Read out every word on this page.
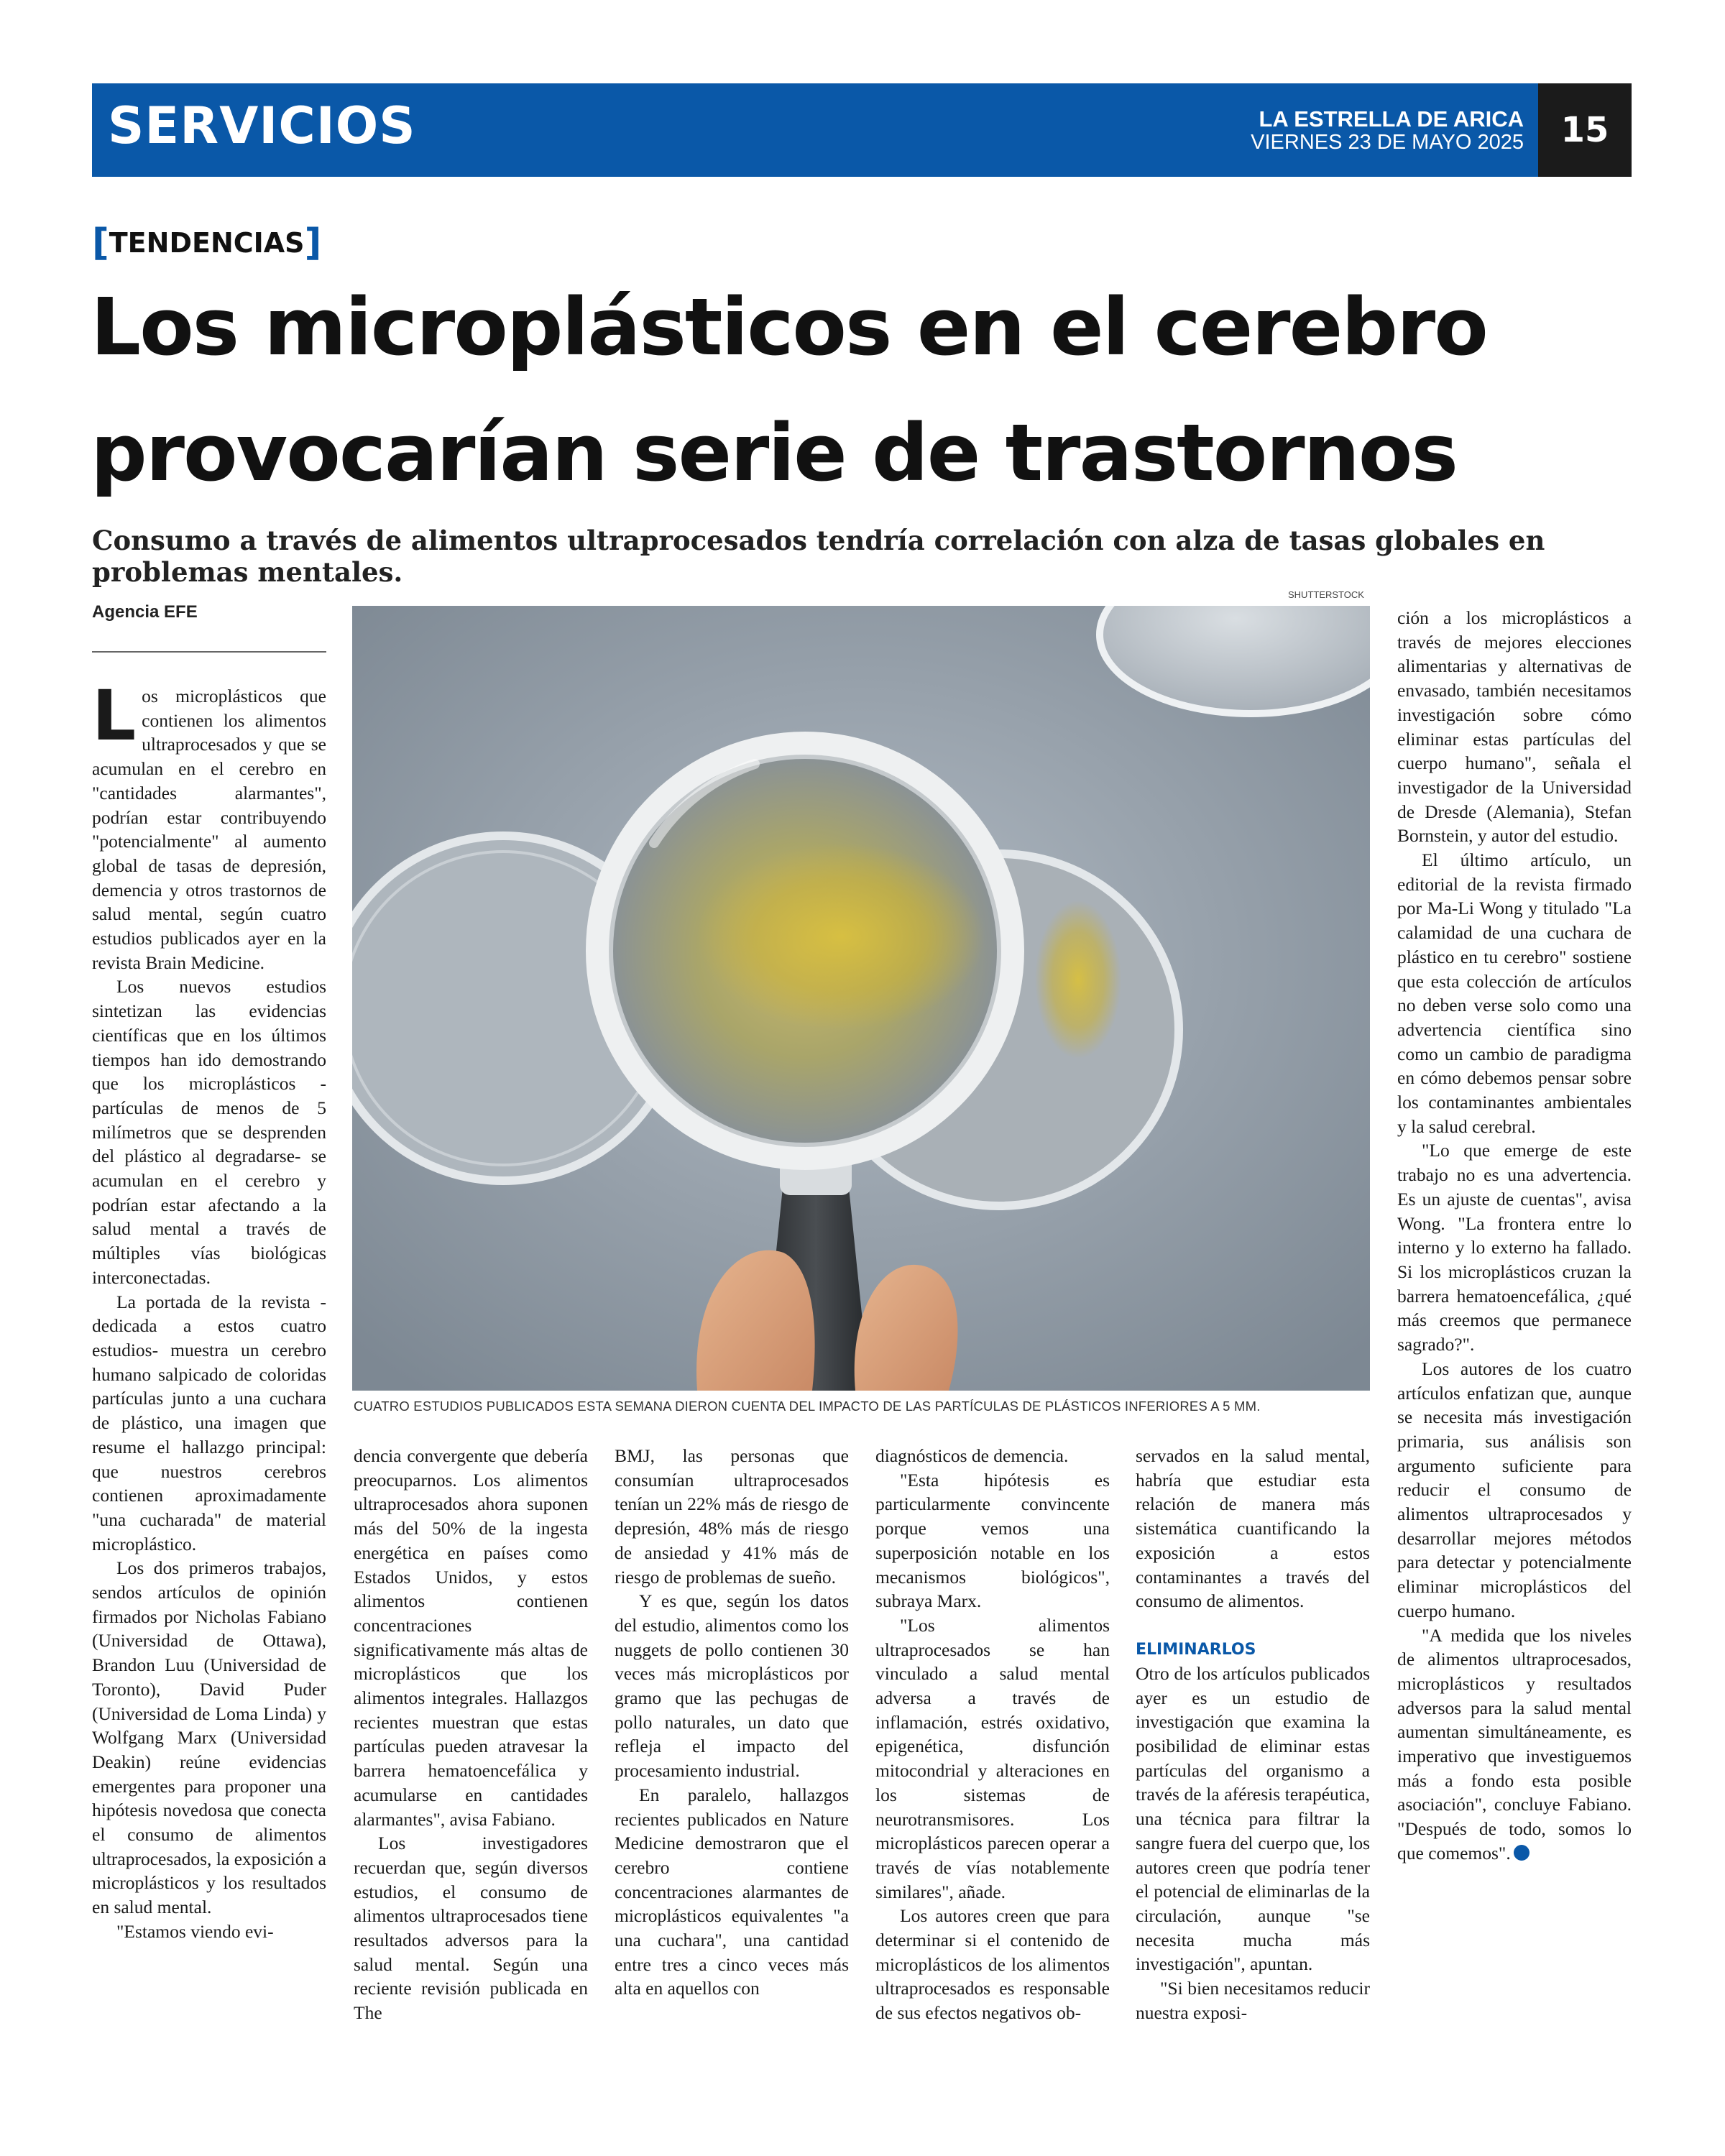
SERVICIOS	LA ESTRELLA DE ARICA
VIERNES 23 DE MAYO 2025	15
[TENDENCIAS]
Los microplásticos en el cerebro
provocarían serie de trastornos
Consumo a través de alimentos ultraprocesados tendría correlación con alza de tasas globales en problemas mentales.
Agencia EFE
SHUTTERSTOCK
CUATRO ESTUDIOS PUBLICADOS ESTA SEMANA DIERON CUENTA DEL IMPACTO DE LAS PARTÍCULAS DE PLÁSTICOS INFERIORES A 5 MM.

Los microplásticos que contienen los alimentos ultraprocesados y que se acumulan en el cerebro en "cantidades alarmantes", podrían estar contribuyendo "potencialmente" al aumento global de tasas de depresión, demencia y otros trastornos de salud mental, según cuatro estudios publicados ayer en la revista Brain Medicine.

Los nuevos estudios sintetizan las evidencias científicas que en los últimos tiempos han ido demostrando que los microplásticos -partículas de menos de 5 milímetros que se desprenden del plástico al degradarse- se acumulan en el cerebro y podrían estar afectando a la salud mental a través de múltiples vías biológicas interconectadas.

La portada de la revista -dedicada a estos cuatro estudios- muestra un cerebro humano salpicado de coloridas partículas junto a una cuchara de plástico, una imagen que resume el hallazgo principal: que nuestros cerebros contienen aproximadamente "una cucharada" de material microplástico.

Los dos primeros trabajos, sendos artículos de opinión firmados por Nicholas Fabiano (Universidad de Ottawa), Brandon Luu (Universidad de Toronto), David Puder (Universidad de Loma Linda) y Wolfgang Marx (Universidad Deakin) reúne evidencias emergentes para proponer una hipótesis novedosa que conecta el consumo de alimentos ultraprocesados, la exposición a microplásticos y los resultados en salud mental.

"Estamos viendo evi-

dencia convergente que debería preocuparnos. Los alimentos ultraprocesados ahora suponen más del 50% de la ingesta energética en países como Estados Unidos, y estos alimentos contienen concentraciones significativamente más altas de microplásticos que los alimentos integrales. Hallazgos recientes muestran que estas partículas pueden atravesar la barrera hematoencefálica y acumularse en cantidades alarmantes", avisa Fabiano.

Los investigadores recuerdan que, según diversos estudios, el consumo de alimentos ultraprocesados tiene resultados adversos para la salud mental. Según una reciente revisión publicada en The

BMJ, las personas que consumían ultraprocesados tenían un 22% más de riesgo de depresión, 48% más de riesgo de ansiedad y 41% más de riesgo de problemas de sueño.

Y es que, según los datos del estudio, alimentos como los nuggets de pollo contienen 30 veces más microplásticos por gramo que las pechugas de pollo naturales, un dato que refleja el impacto del procesamiento industrial.

En paralelo, hallazgos recientes publicados en Nature Medicine demostraron que el cerebro contiene concentraciones alarmantes de microplásticos equivalentes "a una cuchara", una cantidad entre tres a cinco veces más alta en aquellos con

diagnósticos de demencia.

"Esta hipótesis es particularmente convincente porque vemos una superposición notable en los mecanismos biológicos", subraya Marx.

"Los alimentos ultraprocesados se han vinculado a salud mental adversa a través de inflamación, estrés oxidativo, epigenética, disfunción mitocondrial y alteraciones en los sistemas de neurotransmisores. Los microplásticos parecen operar a través de vías notablemente similares", añade.

Los autores creen que para determinar si el contenido de microplásticos de los alimentos ultraprocesados es responsable de sus efectos negativos ob-

servados en la salud mental, habría que estudiar esta relación de manera más sistemática cuantificando la exposición a estos contaminantes a través del consumo de alimentos.

ELIMINARLOS

Otro de los artículos publicados ayer es un estudio de investigación que examina la posibilidad de eliminar estas partículas del organismo a través de la aféresis terapéutica, una técnica para filtrar la sangre fuera del cuerpo que, los autores creen que podría tener el potencial de eliminarlas de la circulación, aunque "se necesita mucha más investigación", apuntan.

"Si bien necesitamos reducir nuestra exposi-

ción a los microplásticos a través de mejores elecciones alimentarias y alternativas de envasado, también necesitamos investigación sobre cómo eliminar estas partículas del cuerpo humano", señala el investigador de la Universidad de Dresde (Alemania), Stefan Bornstein, y autor del estudio.

El último artículo, un editorial de la revista firmado por Ma-Li Wong y titulado "La calamidad de una cuchara de plástico en tu cerebro" sostiene que esta colección de artículos no deben verse solo como una advertencia científica sino como un cambio de paradigma en cómo debemos pensar sobre los contaminantes ambientales y la salud cerebral.

"Lo que emerge de este trabajo no es una advertencia. Es un ajuste de cuentas", avisa Wong. "La frontera entre lo interno y lo externo ha fallado. Si los microplásticos cruzan la barrera hematoencefálica, ¿qué más creemos que permanece sagrado?".

Los autores de los cuatro artículos enfatizan que, aunque se necesita más investigación primaria, sus análisis son argumento suficiente para reducir el consumo de alimentos ultraprocesados y desarrollar mejores métodos para detectar y potencialmente eliminar microplásticos del cuerpo humano.

"A medida que los niveles de alimentos ultraprocesados, microplásticos y resultados adversos para la salud mental aumentan simultáneamente, es imperativo que investiguemos más a fondo esta posible asociación", concluye Fabiano. "Después de todo, somos lo que comemos".
